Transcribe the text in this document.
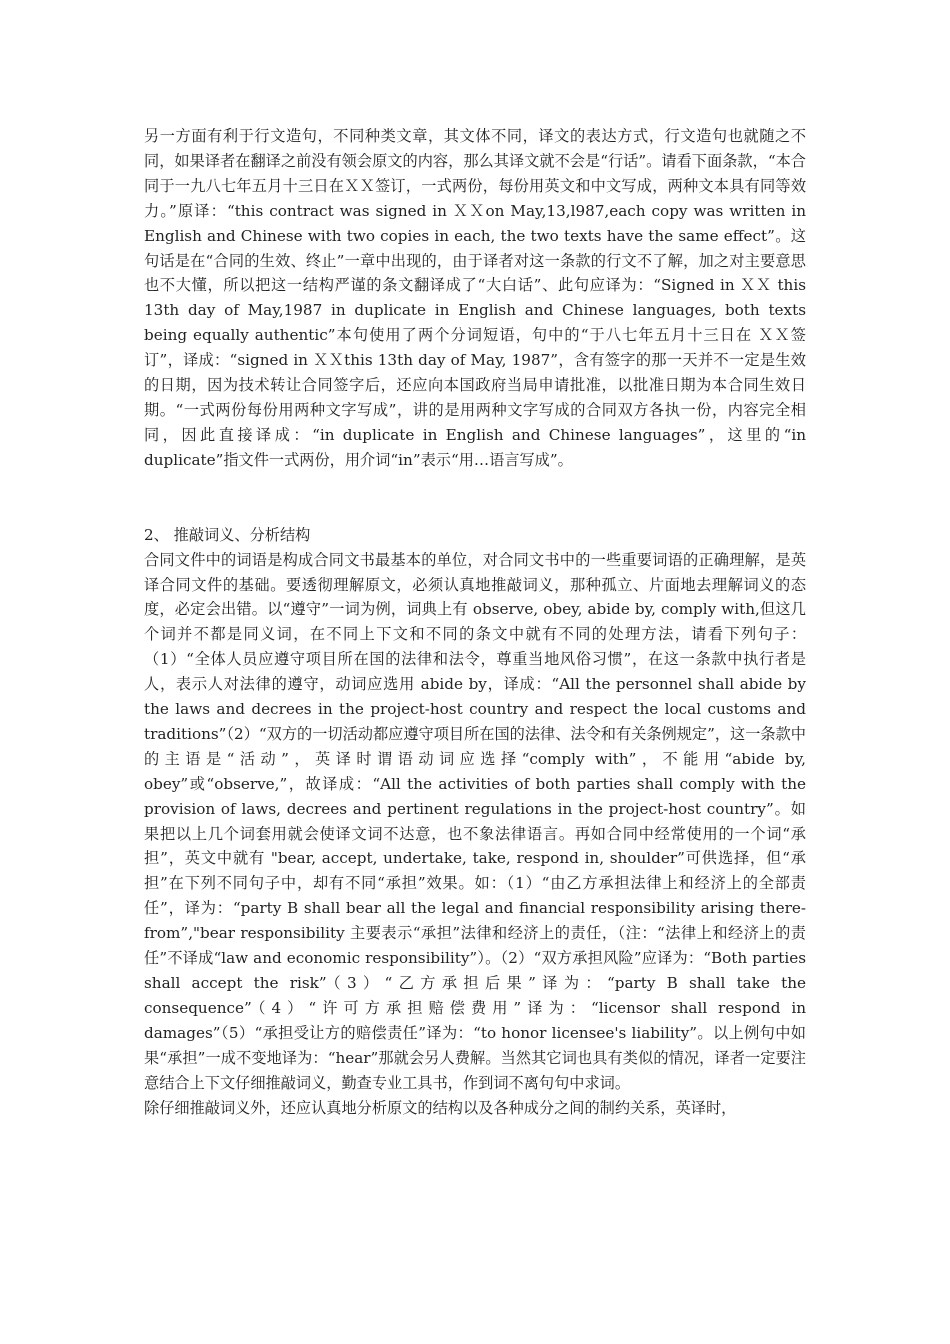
另一方面有利于行文造句，不同种类文章，其文体不同，译文的表达方式，行文造句也就随之不同，如果译者在翻译之前没有领会原文的内容，那么其译文就不会是“行话”。请看下面条款，“本合同于一九八七年五月十三日在ＸＸ签订，一式两份，每份用英文和中文写成，两种文本具有同等效力。”原译：“this contract was signed in ＸＸon May,13,l987,each copy was written in English and Chinese with two copies in each, the two texts have the same effect”。这句话是在“合同的生效、终止”一章中出现的，由于译者对这一条款的行文不了解，加之对主要意思也不大懂，所以把这一结构严谨的条文翻译成了“大白话”、此句应译为：“Signed in ＸＸ this 13th day of May,1987 in duplicate in English and Chinese languages, both texts being equally authentic”本句使用了两个分词短语，句中的“于八七年五月十三日在 ＸＸ签订”，译成：“signed in ＸＸthis 13th day of May, 1987”，含有签字的那一天并不一定是生效的日期，因为技术转让合同签字后，还应向本国政府当局申请批准，以批准日期为本合同生效日期。“一式两份每份用两种文字写成”，讲的是用两种文字写成的合同双方各执一份，内容完全相同，因此直接译成：“in duplicate in English and Chinese languages”，这里的“in duplicate”指文件一式两份，用介词“in”表示“用…语言写成”。

2、 推敲词义、分析结构

合同文件中的词语是构成合同文书最基本的单位，对合同文书中的一些重要词语的正确理解，是英译合同文件的基础。要透彻理解原文，必须认真地推敲词义，那种孤立、片面地去理解词义的态度，必定会出错。以“遵守”一词为例，词典上有 observe, obey, abide by, comply with,但这几个词并不都是同义词，在不同上下文和不同的条文中就有不同的处理方法，请看下列句子：（1）“全体人员应遵守项目所在国的法律和法令，尊重当地风俗习惯”，在这一条款中执行者是人，表示人对法律的遵守，动词应选用 abide by，译成：“All the personnel shall abide by the laws and decrees in the project-host country and respect the local customs and traditions”（2）“双方的一切活动都应遵守项目所在国的法律、法令和有关条例规定”，这一条款中的主语是“活动”，英译时谓语动词应选择“comply with”，不能用“abide by, obey”或“observe,”，故译成：“All the activities of both parties shall comply with the provision of laws, decrees and pertinent regulations in the project-host country”。如果把以上几个词套用就会使译文词不达意，也不象法律语言。再如合同中经常使用的一个词“承担”，英文中就有 "bear, accept, undertake, take, respond in, shoulder”可供选择，但“承担”在下列不同句子中，却有不同“承担”效果。如：（1）“由乙方承担法律上和经济上的全部责任”，译为：“party B shall bear all the legal and financial responsibility arising there-from”,"bear responsibility 主要表示“承担”法律和经济上的责任，（注：“法律上和经济上的责任”不译成“law and economic responsibility”）。（2）“双方承担风险”应译为：“Both parties shall accept the risk”（3）“乙方承担后果”译为：“party B shall take the consequence”（4）“许可方承担赔偿费用”译为：“licensor shall respond in damages”（5）“承担受让方的赔偿责任”译为：“to honor licensee's liability”。以上例句中如果“承担”一成不变地译为：“hear”那就会另人费解。当然其它词也具有类似的情况，译者一定要注意结合上下文仔细推敲词义，勤查专业工具书，作到词不离句句中求词。

除仔细推敲词义外，还应认真地分析原文的结构以及各种成分之间的制约关系，英译时，
